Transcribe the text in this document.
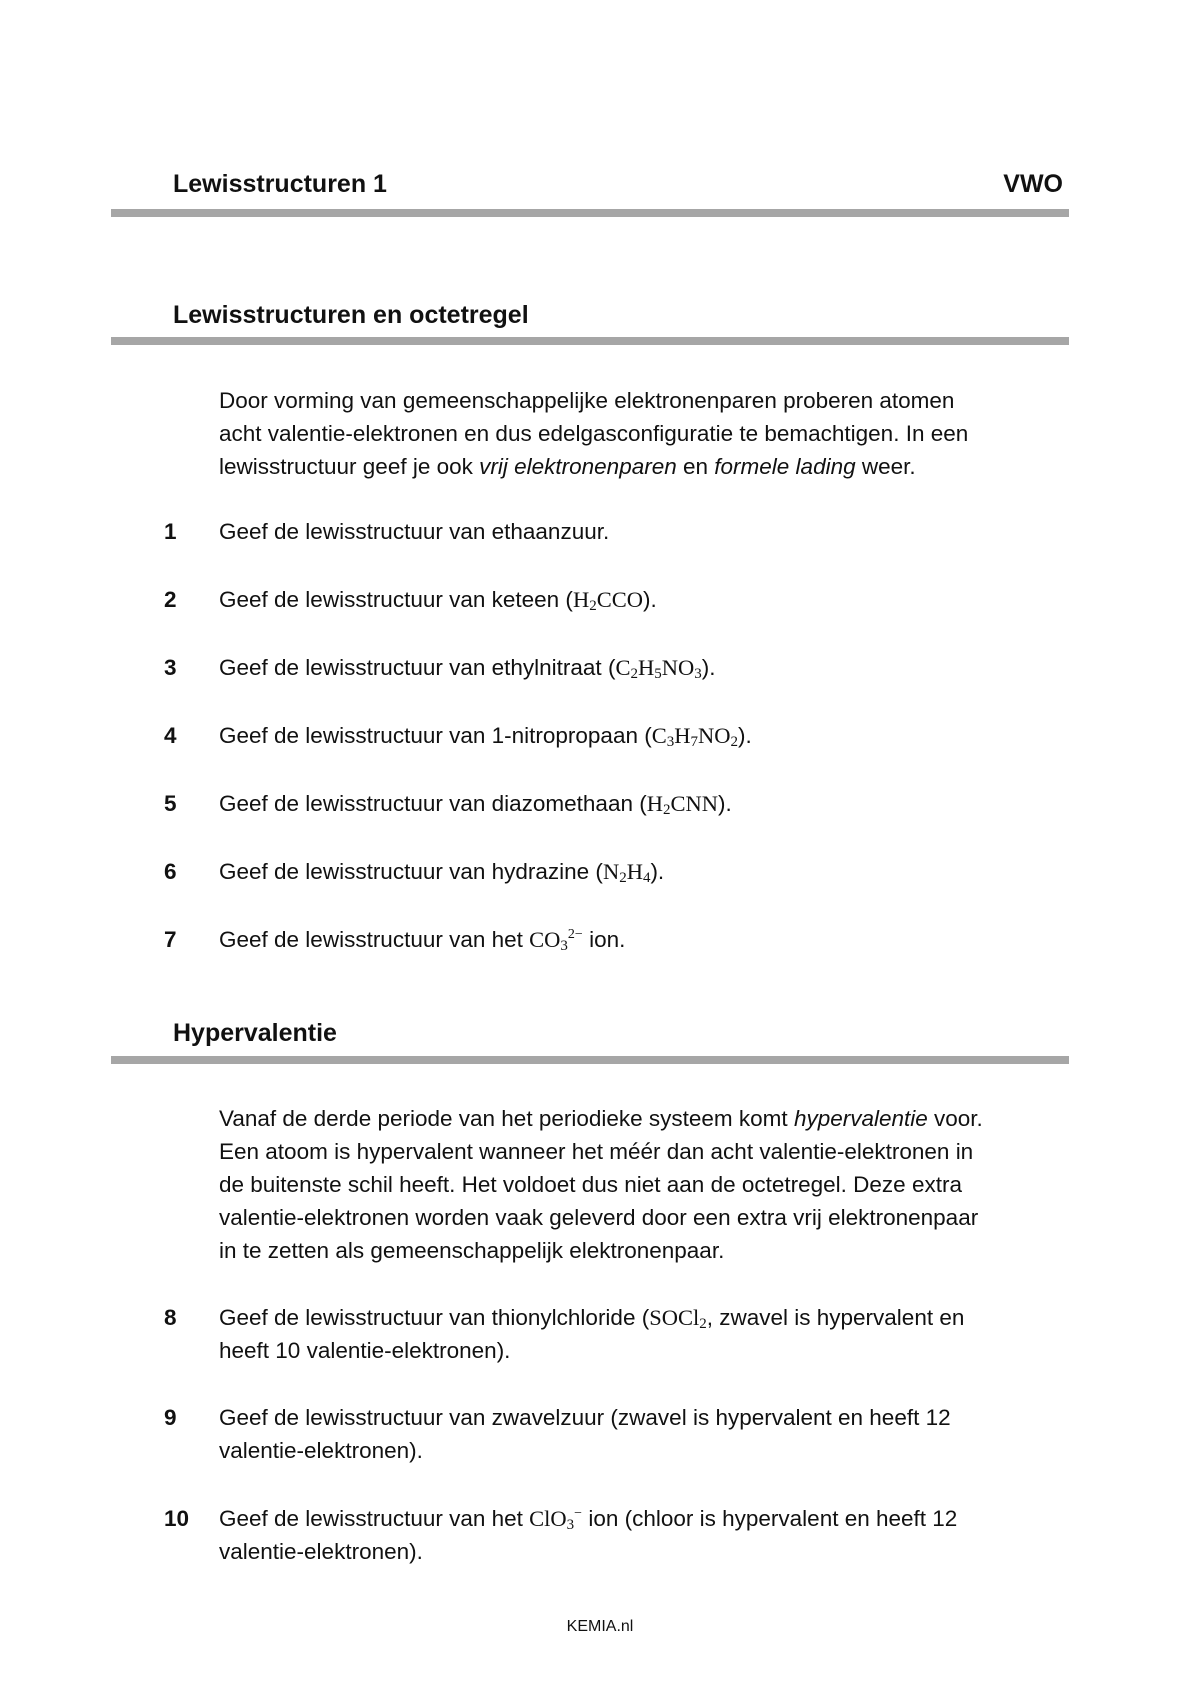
Lewisstructuren 1	VWO
Lewisstructuren en octetregel
Door vorming van gemeenschappelijke elektronenparen proberen atomen
acht valentie-elektronen en dus edelgasconfiguratie te bemachtigen. In een
lewisstructuur geef je ook vrij elektronenparen en formele lading weer.
1 Geef de lewisstructuur van ethaanzuur.
2 Geef de lewisstructuur van keteen $(H_2CCO)$.
3 Geef de lewisstructuur van ethylnitraat $(C_2H_5NO_3)$.
4 Geef de lewisstructuur van 1-nitropropaan $(C_3H_7NO_2)$.
5 Geef de lewisstructuur van diazomethaan $(H_2CNN)$.
6 Geef de lewisstructuur van hydrazine $(N_2H_4)$.
7 Geef de lewisstructuur van het $CO_3^{2-}$ ion.
Hypervalentie
Vanaf de derde periode van het periodieke systeem komt hypervalentie voor.
Een atoom is hypervalent wanneer het méér dan acht valentie-elektronen in
de buitenste schil heeft. Het voldoet dus niet aan de octetregel. Deze extra
valentie-elektronen worden vaak geleverd door een extra vrij elektronenpaar
in te zetten als gemeenschappelijk elektronenpaar.
8 Geef de lewisstructuur van thionylchloride (SOCl$_2$, zwavel is hypervalent en
heeft 10 valentie-elektronen).
9 Geef de lewisstructuur van zwavelzuur (zwavel is hypervalent en heeft 12
valentie-elektronen).
10 Geef de lewisstructuur van het ClO$_3$− ion (chloor is hypervalent en heeft 12
valentie-elektronen).
KEMIA.nl
